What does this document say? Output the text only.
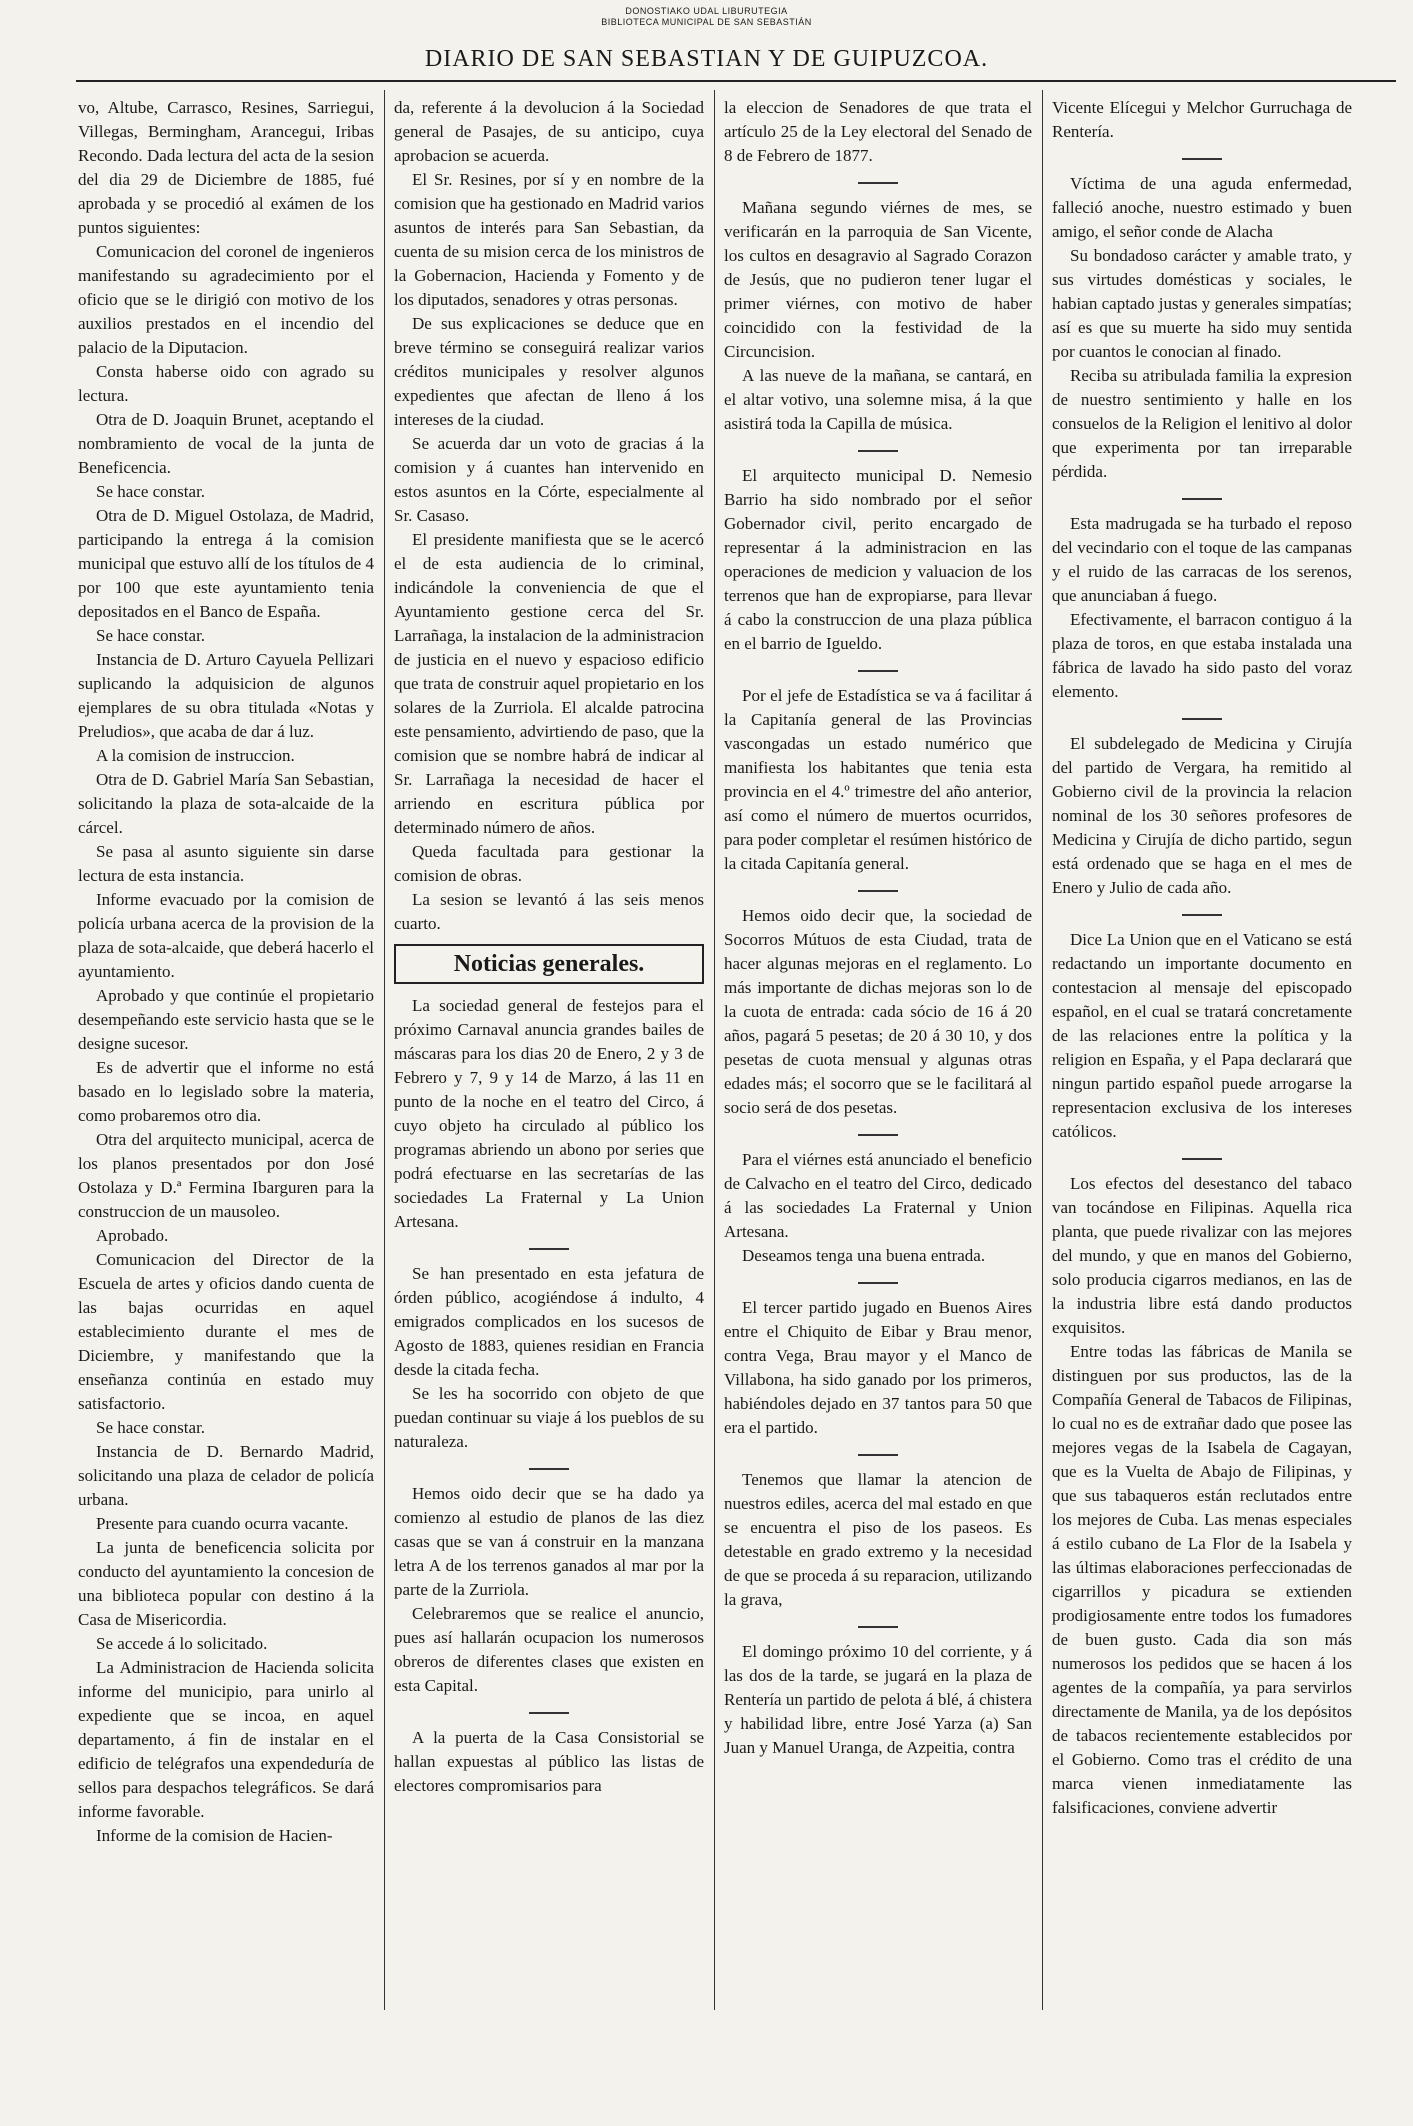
DONOSTIAKO UDAL LIBURUTEGIA
BIBLIOTECA MUNICIPAL DE SAN SEBASTIÁN
DIARIO DE SAN SEBASTIAN Y DE GUIPUZCOA.

vo, Altube, Carrasco, Resines, Sarriegui, Villegas, Bermingham, Arancegui, Iribas Recondo. Dada lectura del acta de la sesion del dia 29 de Diciembre de 1885, fué aprobada y se procedió al exámen de los puntos siguientes:

Comunicacion del coronel de ingenieros manifestando su agradecimiento por el oficio que se le dirigió con motivo de los auxilios prestados en el incendio del palacio de la Diputacion.

Consta haberse oido con agrado su lectura.

Otra de D. Joaquin Brunet, aceptando el nombramiento de vocal de la junta de Beneficencia.

Se hace constar.

Otra de D. Miguel Ostolaza, de Madrid, participando la entrega á la comision municipal que estuvo allí de los títulos de 4 por 100 que este ayuntamiento tenia depositados en el Banco de España.

Se hace constar.

Instancia de D. Arturo Cayuela Pellizari suplicando la adquisicion de algunos ejemplares de su obra titulada «Notas y Preludios», que acaba de dar á luz.

A la comision de instruccion.

Otra de D. Gabriel María San Sebastian, solicitando la plaza de sota-alcaide de la cárcel.

Se pasa al asunto siguiente sin darse lectura de esta instancia.

Informe evacuado por la comision de policía urbana acerca de la provision de la plaza de sota-alcaide, que deberá hacerlo el ayuntamiento.

Aprobado y que continúe el propietario desempeñando este servicio hasta que se le designe sucesor.

Es de advertir que el informe no está basado en lo legislado sobre la materia, como probaremos otro dia.

Otra del arquitecto municipal, acerca de los planos presentados por don José Ostolaza y D.ª Fermina Ibarguren para la construccion de un mausoleo.

Aprobado.

Comunicacion del Director de la Escuela de artes y oficios dando cuenta de las bajas ocurridas en aquel establecimiento durante el mes de Diciembre, y manifestando que la enseñanza continúa en estado muy satisfactorio.

Se hace constar.

Instancia de D. Bernardo Madrid, solicitando una plaza de celador de policía urbana.

Presente para cuando ocurra vacante.

La junta de beneficencia solicita por conducto del ayuntamiento la concesion de una biblioteca popular con destino á la Casa de Misericordia.

Se accede á lo solicitado.

La Administracion de Hacienda solicita informe del municipio, para unirlo al expediente que se incoa, en aquel departamento, á fin de instalar en el edificio de telégrafos una expendeduría de sellos para despachos telegráficos. Se dará informe favorable.

Informe de la comision de Hacien-

da, referente á la devolucion á la Sociedad general de Pasajes, de su anticipo, cuya aprobacion se acuerda.

El Sr. Resines, por sí y en nombre de la comision que ha gestionado en Madrid varios asuntos de interés para San Sebastian, da cuenta de su mision cerca de los ministros de la Gobernacion, Hacienda y Fomento y de los diputados, senadores y otras personas.

De sus explicaciones se deduce que en breve término se conseguirá realizar varios créditos municipales y resolver algunos expedientes que afectan de lleno á los intereses de la ciudad.

Se acuerda dar un voto de gracias á la comision y á cuantes han intervenido en estos asuntos en la Córte, especialmente al Sr. Casaso.

El presidente manifiesta que se le acercó el de esta audiencia de lo criminal, indicándole la conveniencia de que el Ayuntamiento gestione cerca del Sr. Larrañaga, la instalacion de la administracion de justicia en el nuevo y espacioso edificio que trata de construir aquel propietario en los solares de la Zurriola. El alcalde patrocina este pensamiento, advirtiendo de paso, que la comision que se nombre habrá de indicar al Sr. Larrañaga la necesidad de hacer el arriendo en escritura pública por determinado número de años.

Queda facultada para gestionar la comision de obras.

La sesion se levantó á las seis menos cuarto.

Noticias generales.

La sociedad general de festejos para el próximo Carnaval anuncia grandes bailes de máscaras para los dias 20 de Enero, 2 y 3 de Febrero y 7, 9 y 14 de Marzo, á las 11 en punto de la noche en el teatro del Circo, á cuyo objeto ha circulado al público los programas abriendo un abono por series que podrá efectuarse en las secretarías de las sociedades La Fraternal y La Union Artesana.

Se han presentado en esta jefatura de órden público, acogiéndose á indulto, 4 emigrados complicados en los sucesos de Agosto de 1883, quienes residian en Francia desde la citada fecha.

Se les ha socorrido con objeto de que puedan continuar su viaje á los pueblos de su naturaleza.

Hemos oido decir que se ha dado ya comienzo al estudio de planos de las diez casas que se van á construir en la manzana letra A de los terrenos ganados al mar por la parte de la Zurriola.

Celebraremos que se realice el anuncio, pues así hallarán ocupacion los numerosos obreros de diferentes clases que existen en esta Capital.

A la puerta de la Casa Consistorial se hallan expuestas al público las listas de electores compromisarios para

la eleccion de Senadores de que trata el artículo 25 de la Ley electoral del Senado de 8 de Febrero de 1877.

Mañana segundo viérnes de mes, se verificarán en la parroquia de San Vicente, los cultos en desagravio al Sagrado Corazon de Jesús, que no pudieron tener lugar el primer viérnes, con motivo de haber coincidido con la festividad de la Circuncision.

A las nueve de la mañana, se cantará, en el altar votivo, una solemne misa, á la que asistirá toda la Capilla de música.

El arquitecto municipal D. Nemesio Barrio ha sido nombrado por el señor Gobernador civil, perito encargado de representar á la administracion en las operaciones de medicion y valuacion de los terrenos que han de expropiarse, para llevar á cabo la construccion de una plaza pública en el barrio de Igueldo.

Por el jefe de Estadística se va á facilitar á la Capitanía general de las Provincias vascongadas un estado numérico que manifiesta los habitantes que tenia esta provincia en el 4.º trimestre del año anterior, así como el número de muertos ocurridos, para poder completar el resúmen histórico de la citada Capitanía general.

Hemos oido decir que, la sociedad de Socorros Mútuos de esta Ciudad, trata de hacer algunas mejoras en el reglamento. Lo más importante de dichas mejoras son lo de la cuota de entrada: cada sócio de 16 á 20 años, pagará 5 pesetas; de 20 á 30 10, y dos pesetas de cuota mensual y algunas otras edades más; el socorro que se le facilitará al socio será de dos pesetas.

Para el viérnes está anunciado el beneficio de Calvacho en el teatro del Circo, dedicado á las sociedades La Fraternal y Union Artesana.

Deseamos tenga una buena entrada.

El tercer partido jugado en Buenos Aires entre el Chiquito de Eibar y Brau menor, contra Vega, Brau mayor y el Manco de Villabona, ha sido ganado por los primeros, habiéndoles dejado en 37 tantos para 50 que era el partido.

Tenemos que llamar la atencion de nuestros ediles, acerca del mal estado en que se encuentra el piso de los paseos. Es detestable en grado extremo y la necesidad de que se proceda á su reparacion, utilizando la grava,

El domingo próximo 10 del corriente, y á las dos de la tarde, se jugará en la plaza de Rentería un partido de pelota á blé, á chistera y habilidad libre, entre José Yarza (a) San Juan y Manuel Uranga, de Azpeitia, contra

Vicente Elícegui y Melchor Gurruchaga de Rentería.

Víctima de una aguda enfermedad, falleció anoche, nuestro estimado y buen amigo, el señor conde de Alacha

Su bondadoso carácter y amable trato, y sus virtudes domésticas y sociales, le habian captado justas y generales simpatías; así es que su muerte ha sido muy sentida por cuantos le conocian al finado.

Reciba su atribulada familia la expresion de nuestro sentimiento y halle en los consuelos de la Religion el lenitivo al dolor que experimenta por tan irreparable pérdida.

Esta madrugada se ha turbado el reposo del vecindario con el toque de las campanas y el ruido de las carracas de los serenos, que anunciaban á fuego.

Efectivamente, el barracon contiguo á la plaza de toros, en que estaba instalada una fábrica de lavado ha sido pasto del voraz elemento.

El subdelegado de Medicina y Cirujía del partido de Vergara, ha remitido al Gobierno civil de la provincia la relacion nominal de los 30 señores profesores de Medicina y Cirujía de dicho partido, segun está ordenado que se haga en el mes de Enero y Julio de cada año.

Dice La Union que en el Vaticano se está redactando un importante documento en contestacion al mensaje del episcopado español, en el cual se tratará concretamente de las relaciones entre la política y la religion en España, y el Papa declarará que ningun partido español puede arrogarse la representacion exclusiva de los intereses católicos.

Los efectos del desestanco del tabaco van tocándose en Filipinas. Aquella rica planta, que puede rivalizar con las mejores del mundo, y que en manos del Gobierno, solo producia cigarros medianos, en las de la industria libre está dando productos exquisitos.

Entre todas las fábricas de Manila se distinguen por sus productos, las de la Compañía General de Tabacos de Filipinas, lo cual no es de extrañar dado que posee las mejores vegas de la Isabela de Cagayan, que es la Vuelta de Abajo de Filipinas, y que sus tabaqueros están reclutados entre los mejores de Cuba. Las menas especiales á estilo cubano de La Flor de la Isabela y las últimas elaboraciones perfeccionadas de cigarrillos y picadura se extienden prodigiosamente entre todos los fumadores de buen gusto. Cada dia son más numerosos los pedidos que se hacen á los agentes de la compañía, ya para servirlos directamente de Manila, ya de los depósitos de tabacos recientemente establecidos por el Gobierno. Como tras el crédito de una marca vienen inmediatamente las falsificaciones, conviene advertir
